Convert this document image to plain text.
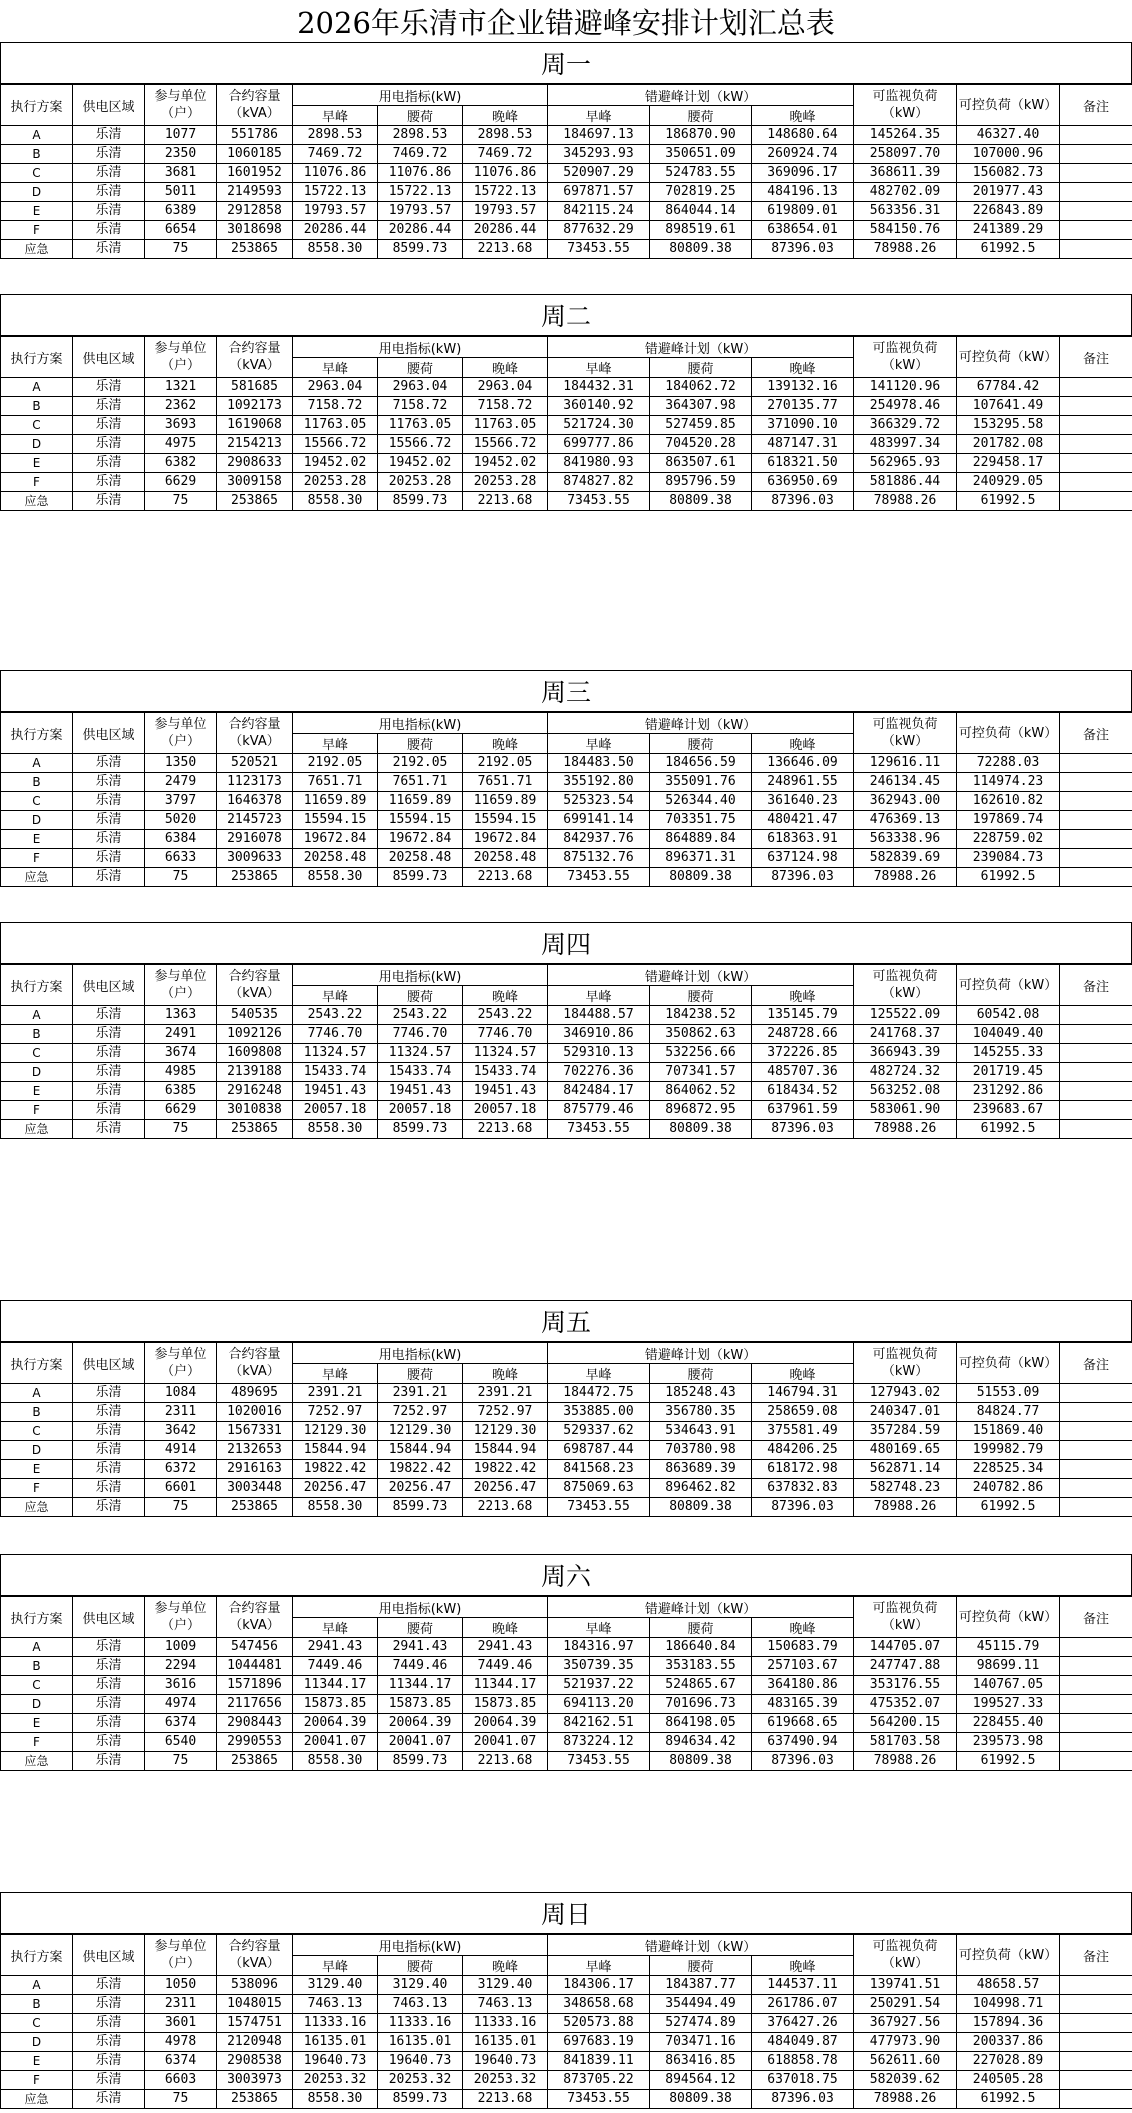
2026年乐清市企业错避峰安排计划汇总表
周一
执行方案	供电区域	参与单位（户）	合约容量（kVA）	用电指标(kW)			错避峰计划（kW）			可监视负荷（kW）	可控负荷（kW）	备注
				早峰	腰荷	晚峰	早峰	腰荷	晚峰			
A	乐清	1077	551786	2898.53	2898.53	2898.53	184697.13	186870.90	148680.64	145264.35	46327.40	
B	乐清	2350	1060185	7469.72	7469.72	7469.72	345293.93	350651.09	260924.74	258097.70	107000.96	
C	乐清	3681	1601952	11076.86	11076.86	11076.86	520907.29	524783.55	369096.17	368611.39	156082.73	
D	乐清	5011	2149593	15722.13	15722.13	15722.13	697871.57	702819.25	484196.13	482702.09	201977.43	
E	乐清	6389	2912858	19793.57	19793.57	19793.57	842115.24	864044.14	619809.01	563356.31	226843.89	
F	乐清	6654	3018698	20286.44	20286.44	20286.44	877632.29	898519.61	638654.01	584150.76	241389.29	
应急	乐清	75	253865	8558.30	8599.73	2213.68	73453.55	80809.38	87396.03	78988.26	61992.5	
周二
执行方案	供电区域	参与单位（户）	合约容量（kVA）	用电指标(kW)			错避峰计划（kW）			可监视负荷（kW）	可控负荷（kW）	备注
				早峰	腰荷	晚峰	早峰	腰荷	晚峰			
A	乐清	1321	581685	2963.04	2963.04	2963.04	184432.31	184062.72	139132.16	141120.96	67784.42	
B	乐清	2362	1092173	7158.72	7158.72	7158.72	360140.92	364307.98	270135.77	254978.46	107641.49	
C	乐清	3693	1619068	11763.05	11763.05	11763.05	521724.30	527459.85	371090.10	366329.72	153295.58	
D	乐清	4975	2154213	15566.72	15566.72	15566.72	699777.86	704520.28	487147.31	483997.34	201782.08	
E	乐清	6382	2908633	19452.02	19452.02	19452.02	841980.93	863507.61	618321.50	562965.93	229458.17	
F	乐清	6629	3009158	20253.28	20253.28	20253.28	874827.82	895796.59	636950.69	581886.44	240929.05	
应急	乐清	75	253865	8558.30	8599.73	2213.68	73453.55	80809.38	87396.03	78988.26	61992.5	
周三
执行方案	供电区域	参与单位（户）	合约容量（kVA）	用电指标(kW)			错避峰计划（kW）			可监视负荷（kW）	可控负荷（kW）	备注
				早峰	腰荷	晚峰	早峰	腰荷	晚峰			
A	乐清	1350	520521	2192.05	2192.05	2192.05	184483.50	184656.59	136646.09	129616.11	72288.03	
B	乐清	2479	1123173	7651.71	7651.71	7651.71	355192.80	355091.76	248961.55	246134.45	114974.23	
C	乐清	3797	1646378	11659.89	11659.89	11659.89	525323.54	526344.40	361640.23	362943.00	162610.82	
D	乐清	5020	2145723	15594.15	15594.15	15594.15	699141.14	703351.75	480421.47	476369.13	197869.74	
E	乐清	6384	2916078	19672.84	19672.84	19672.84	842937.76	864889.84	618363.91	563338.96	228759.02	
F	乐清	6633	3009633	20258.48	20258.48	20258.48	875132.76	896371.31	637124.98	582839.69	239084.73	
应急	乐清	75	253865	8558.30	8599.73	2213.68	73453.55	80809.38	87396.03	78988.26	61992.5	
周四
执行方案	供电区域	参与单位（户）	合约容量（kVA）	用电指标(kW)			错避峰计划（kW）			可监视负荷（kW）	可控负荷（kW）	备注
				早峰	腰荷	晚峰	早峰	腰荷	晚峰			
A	乐清	1363	540535	2543.22	2543.22	2543.22	184488.57	184238.52	135145.79	125522.09	60542.08	
B	乐清	2491	1092126	7746.70	7746.70	7746.70	346910.86	350862.63	248728.66	241768.37	104049.40	
C	乐清	3674	1609808	11324.57	11324.57	11324.57	529310.13	532256.66	372226.85	366943.39	145255.33	
D	乐清	4985	2139188	15433.74	15433.74	15433.74	702276.36	707341.57	485707.36	482724.32	201719.45	
E	乐清	6385	2916248	19451.43	19451.43	19451.43	842484.17	864062.52	618434.52	563252.08	231292.86	
F	乐清	6629	3010838	20057.18	20057.18	20057.18	875779.46	896872.95	637961.59	583061.90	239683.67	
应急	乐清	75	253865	8558.30	8599.73	2213.68	73453.55	80809.38	87396.03	78988.26	61992.5	
周五
执行方案	供电区域	参与单位（户）	合约容量（kVA）	用电指标(kW)			错避峰计划（kW）			可监视负荷（kW）	可控负荷（kW）	备注
				早峰	腰荷	晚峰	早峰	腰荷	晚峰			
A	乐清	1084	489695	2391.21	2391.21	2391.21	184472.75	185248.43	146794.31	127943.02	51553.09	
B	乐清	2311	1020016	7252.97	7252.97	7252.97	353885.00	356780.35	258659.08	240347.01	84824.77	
C	乐清	3642	1567331	12129.30	12129.30	12129.30	529337.62	534643.91	375581.49	357284.59	151869.40	
D	乐清	4914	2132653	15844.94	15844.94	15844.94	698787.44	703780.98	484206.25	480169.65	199982.79	
E	乐清	6372	2916163	19822.42	19822.42	19822.42	841568.23	863689.39	618172.98	562871.14	228525.34	
F	乐清	6601	3003448	20256.47	20256.47	20256.47	875069.63	896462.82	637832.83	582748.23	240782.86	
应急	乐清	75	253865	8558.30	8599.73	2213.68	73453.55	80809.38	87396.03	78988.26	61992.5	
周六
执行方案	供电区域	参与单位（户）	合约容量（kVA）	用电指标(kW)			错避峰计划（kW）			可监视负荷（kW）	可控负荷（kW）	备注
				早峰	腰荷	晚峰	早峰	腰荷	晚峰			
A	乐清	1009	547456	2941.43	2941.43	2941.43	184316.97	186640.84	150683.79	144705.07	45115.79	
B	乐清	2294	1044481	7449.46	7449.46	7449.46	350739.35	353183.55	257103.67	247747.88	98699.11	
C	乐清	3616	1571896	11344.17	11344.17	11344.17	521937.22	524865.67	364180.86	353176.55	140767.05	
D	乐清	4974	2117656	15873.85	15873.85	15873.85	694113.20	701696.73	483165.39	475352.07	199527.33	
E	乐清	6374	2908443	20064.39	20064.39	20064.39	842162.51	864198.05	619668.65	564200.15	228455.40	
F	乐清	6540	2990553	20041.07	20041.07	20041.07	873224.12	894634.42	637490.94	581703.58	239573.98	
应急	乐清	75	253865	8558.30	8599.73	2213.68	73453.55	80809.38	87396.03	78988.26	61992.5	
周日
执行方案	供电区域	参与单位（户）	合约容量（kVA）	用电指标(kW)			错避峰计划（kW）			可监视负荷（kW）	可控负荷（kW）	备注
				早峰	腰荷	晚峰	早峰	腰荷	晚峰			
A	乐清	1050	538096	3129.40	3129.40	3129.40	184306.17	184387.77	144537.11	139741.51	48658.57	
B	乐清	2311	1048015	7463.13	7463.13	7463.13	348658.68	354494.49	261786.07	250291.54	104998.71	
C	乐清	3601	1574751	11333.16	11333.16	11333.16	520573.88	527474.89	376427.26	367927.56	157894.36	
D	乐清	4978	2120948	16135.01	16135.01	16135.01	697683.19	703471.16	484049.87	477973.90	200337.86	
E	乐清	6374	2908538	19640.73	19640.73	19640.73	841839.11	863416.85	618858.78	562611.60	227028.89	
F	乐清	6603	3003973	20253.32	20253.32	20253.32	873705.22	894564.12	637018.75	582039.62	240505.28	
应急	乐清	75	253865	8558.30	8599.73	2213.68	73453.55	80809.38	87396.03	78988.26	61992.5	
